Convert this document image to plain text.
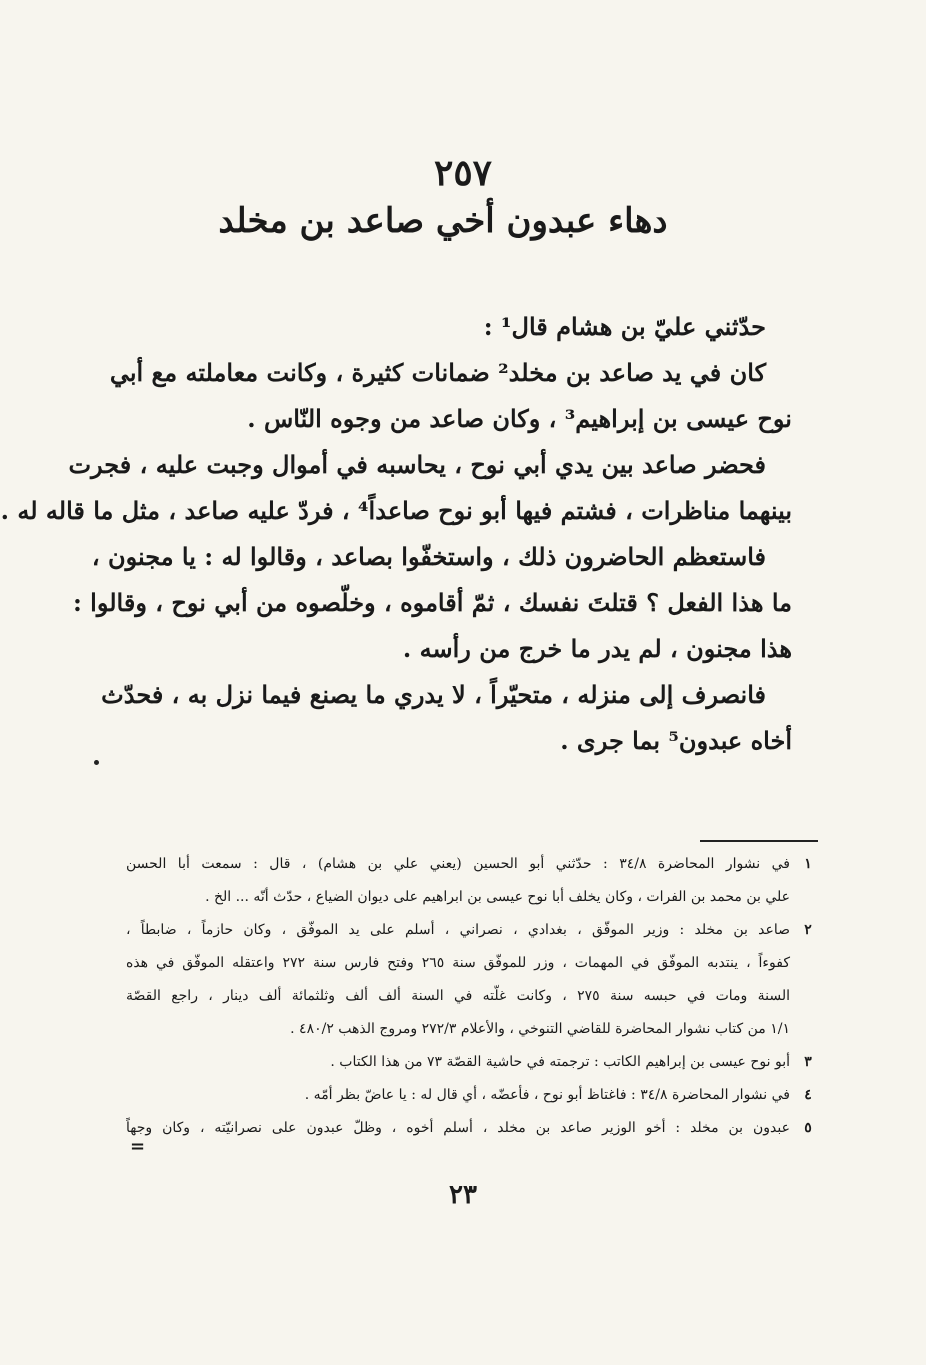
٢٥٧
دهاء عبدون أخي صاعد بن مخلد
حدّثني عليّ بن هشام قال¹ :
كان في يد صاعد بن مخلد² ضمانات كثيرة ، وكانت معاملته مع أبي
نوح عيسى بن إبراهيم³ ، وكان صاعد من وجوه النّاس .
فحضر صاعد بين يدي أبي نوح ، يحاسبه في أموال وجبت عليه ، فجرت
بينهما مناظرات ، فشتم فيها أبو نوح صاعداً⁴ ، فردّ عليه صاعد ، مثل ما قاله له .
فاستعظم الحاضرون ذلك ، واستخفّوا بصاعد ، وقالوا له : يا مجنون ،
ما هذا الفعل ؟ قتلتَ نفسك ، ثمّ أقاموه ، وخلّصوه من أبي نوح ، وقالوا :
هذا مجنون ، لم يدر ما خرج من رأسه .
فانصرف إلى منزله ، متحيّراً ، لا يدري ما يصنع فيما نزل به ، فحدّث
أخاه عبدون⁵ بما جرى .
١
في نشوار المحاضرة ٣٤/٨ : حدّثني أبو الحسين (يعني علي بن هشام) ، قال : سمعت أبا الحسن
علي بن محمد بن الفرات ، وكان يخلف أبا نوح عيسى بن ابراهيم على ديوان الضياع ، حدّث أنّه ... الخ .
٢
صاعد بن مخلد : وزير الموفّق ، بغدادي ، نصراني ، أسلم على يد الموفّق ، وكان حازماً ، ضابطاً ،
كفوءاً ، ينتدبه الموفّق في المهمات ، وزر للموفّق سنة ٢٦٥ وفتح فارس سنة ٢٧٢ واعتقله الموفّق في هذه
السنة ومات في حبسه سنة ٢٧٥ ، وكانت غلّته في السنة ألف ألف وثلثمائة ألف دينار ، راجع القصّة
١/١ من كتاب نشوار المحاضرة للقاضي التنوخي ، والأعلام ٢٧٢/٣ ومروج الذهب ٤٨٠/٢ .
٣
أبو نوح عيسى بن إبراهيم الكاتب : ترجمته في حاشية القصّة ٧٣ من هذا الكتاب .
٤
في نشوار المحاضرة ٣٤/٨ : فاغتاظ أبو نوح ، فأعضّه ، أي قال له : يا عاضّ بظر أمّه .
٥
عبدون بن مخلد : أخو الوزير صاعد بن مخلد ، أسلم أخوه ، وظلّ عبدون على نصرانيّته ، وكان وجهاً
=
٢٣
